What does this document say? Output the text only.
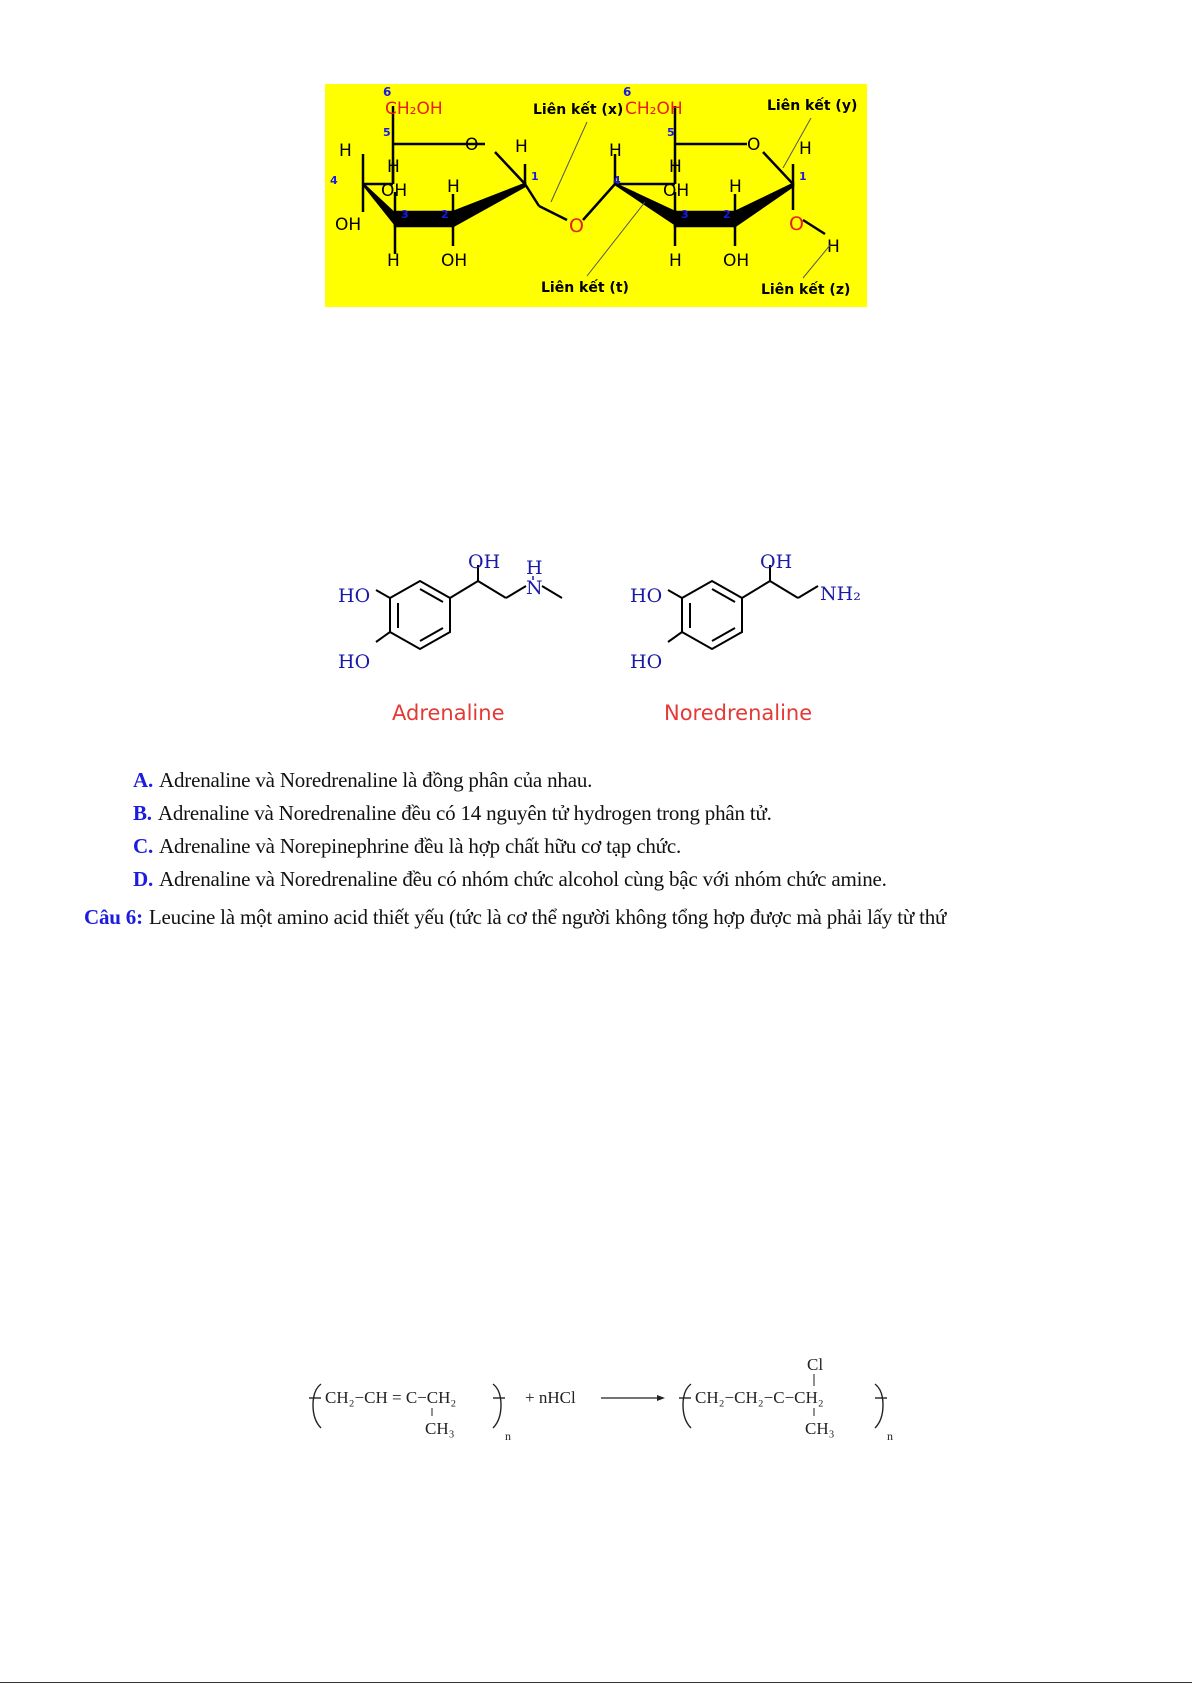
6
CH₂OH
5
O
H
4
H
OH H
H
1
OH
3	2
H OH
O
6
CH₂OH
5
O
H
4
H
OH H
H
1
3	2
H OH
O
H
Liên kết (x)	Liên kết (y)
Liên kết (t)	Liên kết (z)
OH H
N
HO
HO
Adrenaline
OH
NH₂
HO
HO
Noredrenaline
A. Adrenaline và Noredrenaline là đồng phân của nhau.
B. Adrenaline và Noredrenaline đều có 14 nguyên tử hydrogen trong phân tử.
C. Adrenaline và Norepinephrine đều là hợp chất hữu cơ tạp chức.
D. Adrenaline và Noredrenaline đều có nhóm chức alcohol cùng bậc với nhóm chức amine.
Câu 6: Leucine là một amino acid thiết yếu (tức là cơ thể người không tổng hợp được mà phải lấy từ thứ
CH₂−CH = C−CH₂
CH₃	n
+ nHCl	CH₂−CH₂−C−CH₂
Cl
CH₃	n
